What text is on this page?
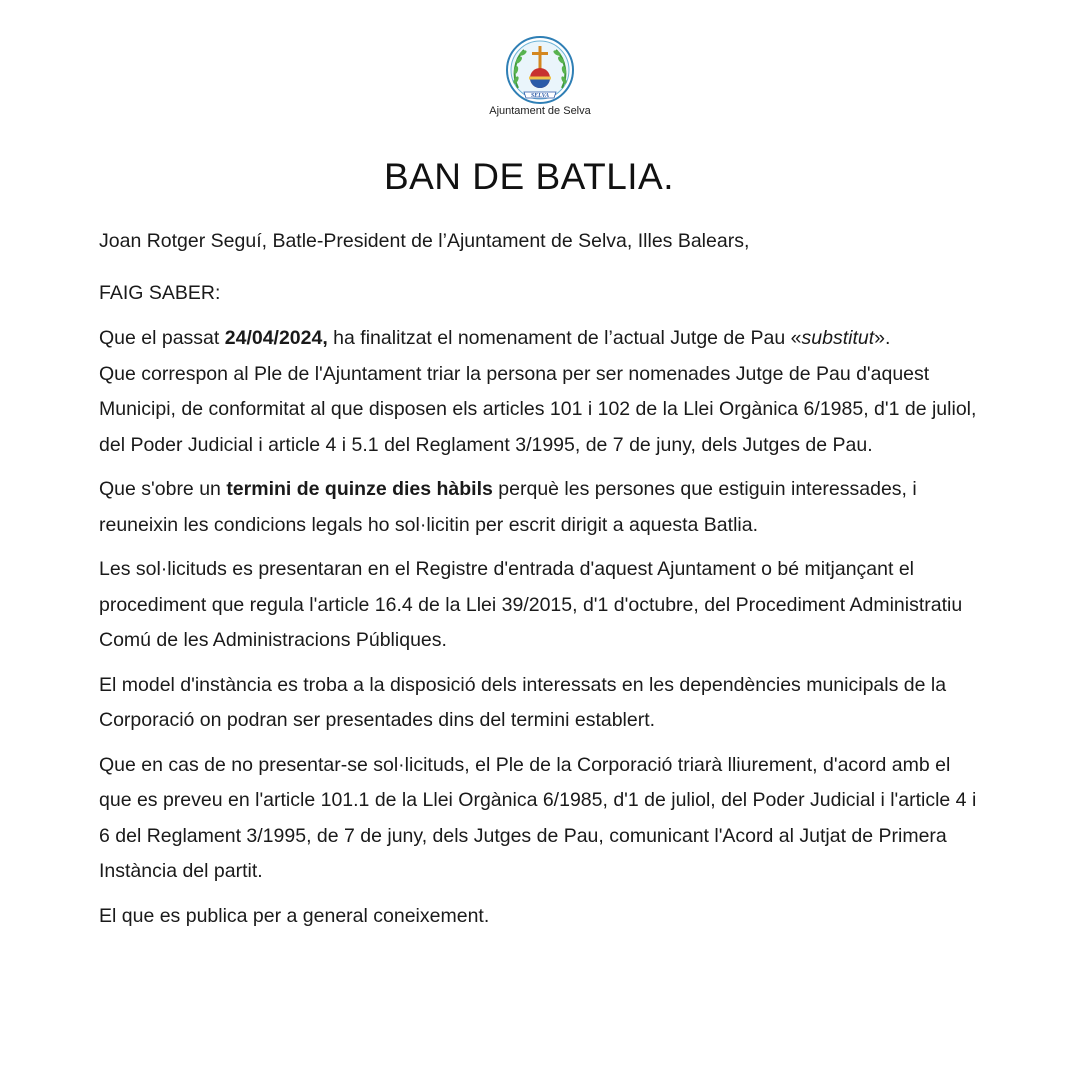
SELVA
Ajuntament de Selva
BAN DE BATLIA.

Joan Rotger Seguí, Batle-President de l’Ajuntament de Selva, Illes Balears,

FAIG SABER:

Que el passat 24/04/2024, ha finalitzat el nomenament de l’actual Jutge de Pau «substitut».

Que correspon al Ple de l'Ajuntament triar la persona per ser nomenades Jutge de Pau d'aquest Municipi, de conformitat al que disposen els articles 101 i 102 de la Llei Orgànica 6/1985, d'1 de juliol, del Poder Judicial i article 4 i 5.1 del Reglament 3/1995, de 7 de juny, dels Jutges de Pau.

Que s'obre un termini de quinze dies hàbils perquè les persones que estiguin interessades, i reuneixin les condicions legals ho sol·licitin per escrit dirigit a aquesta Batlia.

Les sol·licituds es presentaran en el Registre d'entrada d'aquest Ajuntament o bé mitjançant el procediment que regula l'article 16.4 de la Llei 39/2015, d'1 d'octubre, del Procediment Administratiu Comú de les Administracions Públiques.

El model d'instància es troba a la disposició dels interessats en les dependències municipals de la Corporació on podran ser presentades dins del termini establert.

Que en cas de no presentar-se sol·licituds, el Ple de la Corporació triarà lliurement, d'acord amb el que es preveu en l'article 101.1 de la Llei Orgànica 6/1985, d'1 de juliol, del Poder Judicial i l'article 4 i 6 del Reglament 3/1995, de 7 de juny, dels Jutges de Pau, comunicant l'Acord al Jutjat de Primera Instància del partit.

El que es publica per a general coneixement.
